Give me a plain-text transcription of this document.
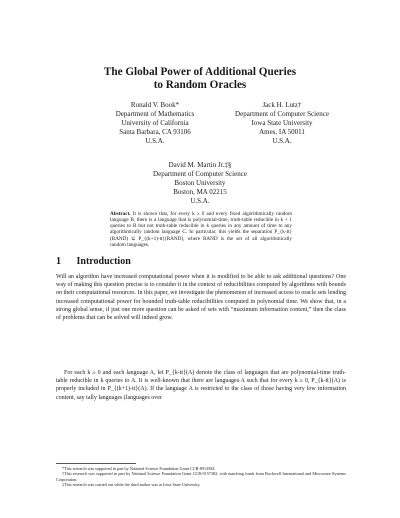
The Global Power of Additional Queries
to Random Oracles
Ronald V. Book*
Department of Mathematics
University of California
Santa Barbara, CA 93106
U.S.A.
Jack H. Lutz†
Department of Computer Science
Iowa State University
Ames, IA 50011
U.S.A.
David M. Martin Jr.‡§
Department of Computer Science
Boston University
Boston, MA 02215
U.S.A.
Abstract. It is shown that, for every k ≥ 0 and every fixed algorithmically random language B, there is a language that is polynomial-time, truth-table reducible in k + 1 queries to B but not truth-table reducible in k queries in any amount of time to any algorithmically random language C. In particular, this yields the separation P_{k-tt}(RAND) ⊊ P_{(k+1)-tt}(RAND), where RAND is the set of all algorithmically random languages.
1 Introduction
Will an algorithm have increased computational power when it is modified to be able to ask additional questions? One way of making this question precise is to consider it in the context of reducibilities computed by algorithms with bounds on their computational resources. In this paper, we investigate the phenomenon of increased access to oracle sets lending increased computational power for bounded truth-table reducibilities computed in polynomial time. We show that, in a strong global sense, if just one more question can be asked of sets with “maximum information content,” then the class of problems that can be solved will indeed grow.
For each k ≥ 0 and each language A, let P_{k-tt}(A) denote the class of languages that are polynomial-time truth-table reducible in k queries to A. It is well-known that there are languages A such that for every k ≥ 0, P_{k-tt}(A) is properly included in P_{(k+1)-tt}(A). If the language A is restricted to the class of those having very low information content, say tally languages (languages over
*This research was supported in part by National Science Foundation Grant CCR-8913584.
†This research was supported in part by National Science Foundation Grant CCR-9157382, with matching funds from Rockwell International and Microware Systems Corporation.
‡This research was carried out while the third author was at Iowa State University.
